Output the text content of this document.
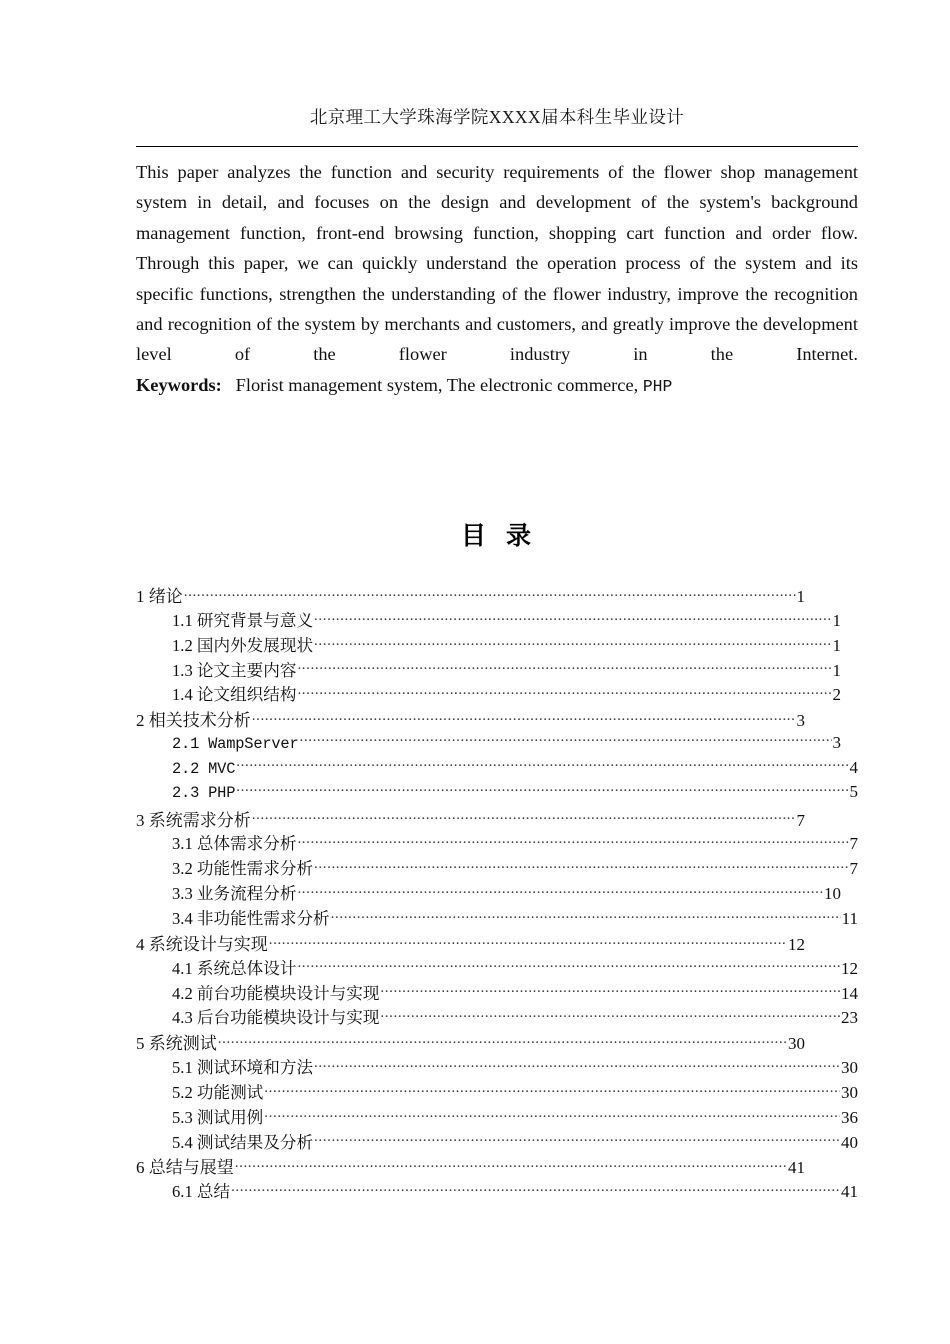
北京理工大学珠海学院XXXX届本科生毕业设计

This paper analyzes the function and security requirements of the flower shop management system in detail, and focuses on the design and development of the system's background management function, front-end browsing function, shopping cart function and order flow. Through this paper, we can quickly understand the operation process of the system and its specific functions, strengthen the understanding of the flower industry, improve the recognition and recognition of the system by merchants and customers, and greatly improve the development level of the flower industry in the Internet.

Keywords: Florist management system, The electronic commerce, PHP
目 录
1 绪论 .....	1
1.1 研究背景与意义 .....	1
1.2 国内外发展现状 .....	1
1.3 论文主要内容 .....	1
1.4 论文组织结构 .....	2
2 相关技术分析 .....	3
2.1 WampServer .....	3
2.2 MVC .....	4
2.3 PHP .....	5
3 系统需求分析 .....	7
3.1 总体需求分析 .....	7
3.2 功能性需求分析 .....	7
3.3 业务流程分析 .....	10
3.4 非功能性需求分析 .....	11
4 系统设计与实现 .....	12
4.1 系统总体设计 .....	12
4.2 前台功能模块设计与实现 .....	14
4.3 后台功能模块设计与实现 .....	23
5 系统测试 .....	30
5.1 测试环境和方法 .....	30
5.2 功能测试 .....	30
5.3 测试用例 .....	36
5.4 测试结果及分析 .....	40
6 总结与展望 .....	41
6.1 总结 .....	41
